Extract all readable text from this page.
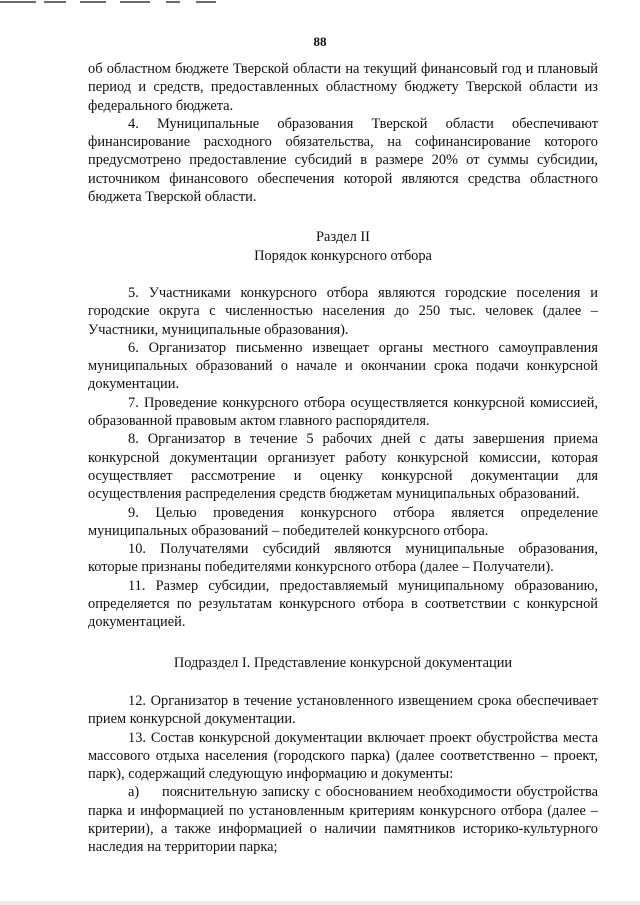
88

об областном бюджете Тверской области на текущий финансовый год и плановый период и средств, предоставленных областному бюджету Тверской области из федерального бюджета.

4. Муниципальные образования Тверской области обеспечивают финансирование расходного обязательства, на софинансирование которого предусмотрено предоставление субсидий в размере 20% от суммы субсидии, источником финансового обеспечения которой являются средства областного бюджета Тверской области.

Раздел II

Порядок конкурсного отбора

5. Участниками конкурсного отбора являются городские поселения и городские округа с численностью населения до 250 тыс. человек (далее – Участники, муниципальные образования).

6. Организатор письменно извещает органы местного самоуправления муниципальных образований о начале и окончании срока подачи конкурсной документации.

7. Проведение конкурсного отбора осуществляется конкурсной комиссией, образованной правовым актом главного распорядителя.

8. Организатор в течение 5 рабочих дней с даты завершения приема конкурсной документации организует работу конкурсной комиссии, которая осуществляет рассмотрение и оценку конкурсной документации для осуществления распределения средств бюджетам муниципальных образований.

9. Целью проведения конкурсного отбора является определение муниципальных образований – победителей конкурсного отбора.

10. Получателями субсидий являются муниципальные образования, которые признаны победителями конкурсного отбора (далее – Получатели).

11. Размер субсидии, предоставляемый муниципальному образованию, определяется по результатам конкурсного отбора в соответствии с конкурсной документацией.

Подраздел I. Представление конкурсной документации

12. Организатор в течение установленного извещением срока обеспечивает прием конкурсной документации.

13. Состав конкурсной документации включает проект обустройства места массового отдыха населения (городского парка) (далее соответственно – проект, парк), содержащий следующую информацию и документы:

а) пояснительную записку с обоснованием необходимости обустройства парка и информацией по установленным критериям конкурсного отбора (далее – критерии), а также информацией о наличии памятников историко-культурного наследия на территории парка;
